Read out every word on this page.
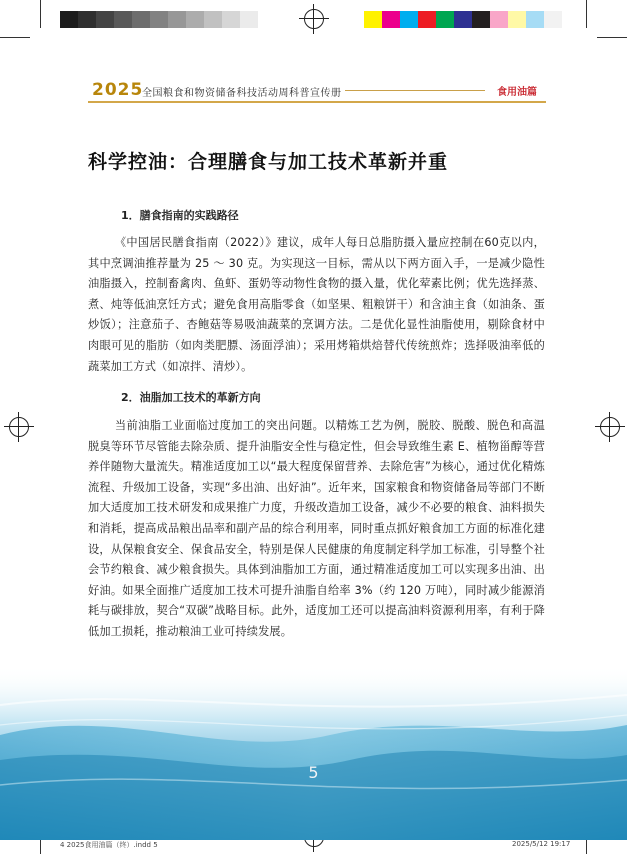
2025
全国粮食和物资储备科技活动周科普宣传册	食用油篇
科学控油：合理膳食与加工技术革新并重
1．膳食指南的实践路径

《中国居民膳食指南（2022）》建议，成年人每日总脂肪摄入量应控制在60克以内，其中烹调油推荐量为 25 ～ 30 克。为实现这一目标，需从以下两方面入手，一是减少隐性油脂摄入，控制畜禽肉、鱼虾、蛋奶等动物性食物的摄入量，优化荤素比例；优先选择蒸、煮、炖等低油烹饪方式；避免食用高脂零食（如坚果、粗粮饼干）和含油主食（如油条、蛋炒饭）；注意茄子、杏鲍菇等易吸油蔬菜的烹调方法。二是优化显性油脂使用，剔除食材中肉眼可见的脂肪（如肉类肥膘、汤面浮油）；采用烤箱烘焙替代传统煎炸；选择吸油率低的蔬菜加工方式（如凉拌、清炒）。

2．油脂加工技术的革新方向

当前油脂工业面临过度加工的突出问题。以精炼工艺为例，脱胶、脱酸、脱色和高温脱臭等环节尽管能去除杂质、提升油脂安全性与稳定性，但会导致维生素 E、植物甾醇等营养伴随物大量流失。精准适度加工以“最大程度保留营养、去除危害”为核心，通过优化精炼流程、升级加工设备，实现“多出油、出好油”。近年来，国家粮食和物资储备局等部门不断加大适度加工技术研发和成果推广力度，升级改造加工设备，减少不必要的粮食、油料损失和消耗，提高成品粮出品率和副产品的综合利用率，同时重点抓好粮食加工方面的标准化建设，从保粮食安全、保食品安全，特别是保人民健康的角度制定科学加工标准，引导整个社会节约粮食、减少粮食损失。具体到油脂加工方面，通过精准适度加工可以实现多出油、出好油。如果全面推广适度加工技术可提升油脂自给率 3%（约 120 万吨），同时减少能源消耗与碳排放，契合“双碳”战略目标。此外，适度加工还可以提高油料资源利用率，有利于降低加工损耗，推动粮油工业可持续发展。

5
4 2025食用油篇（终）.indd 5	2025/5/12 19:17
